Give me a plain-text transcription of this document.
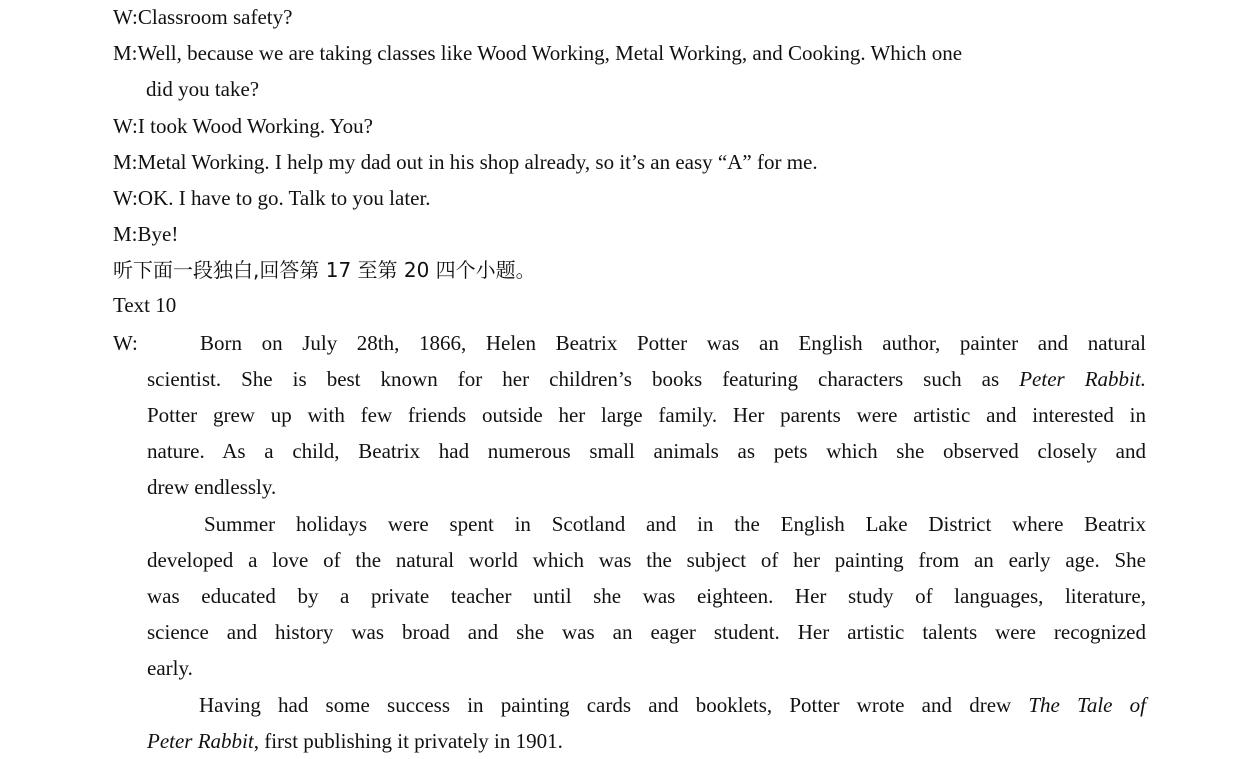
W:Classroom safety?
M:Well, because we are taking classes like Wood Working, Metal Working, and Cooking. Which one
did you take?
W:I took Wood Working. You?
M:Metal Working. I help my dad out in his shop already, so it’s an easy “A” for me.
W:OK. I have to go. Talk to you later.
M:Bye!
听下面一段独白,回答第 17 至第 20 四个小题。
Text 10
W:	Born on July 28th, 1866, Helen Beatrix Potter was an English author, painter and natural
scientist. She is best known for her children’s books featuring characters such as Peter Rabbit.
Potter grew up with few friends outside her large family. Her parents were artistic and interested in
nature. As a child, Beatrix had numerous small animals as pets which she observed closely and
drew endlessly.
Summer holidays were spent in Scotland and in the English Lake District where Beatrix
developed a love of the natural world which was the subject of her painting from an early age. She
was educated by a private teacher until she was eighteen. Her study of languages, literature,
science and history was broad and she was an eager student. Her artistic talents were recognized
early.
Having had some success in painting cards and booklets, Potter wrote and drew The Tale of
Peter Rabbit, first publishing it privately in 1901.
